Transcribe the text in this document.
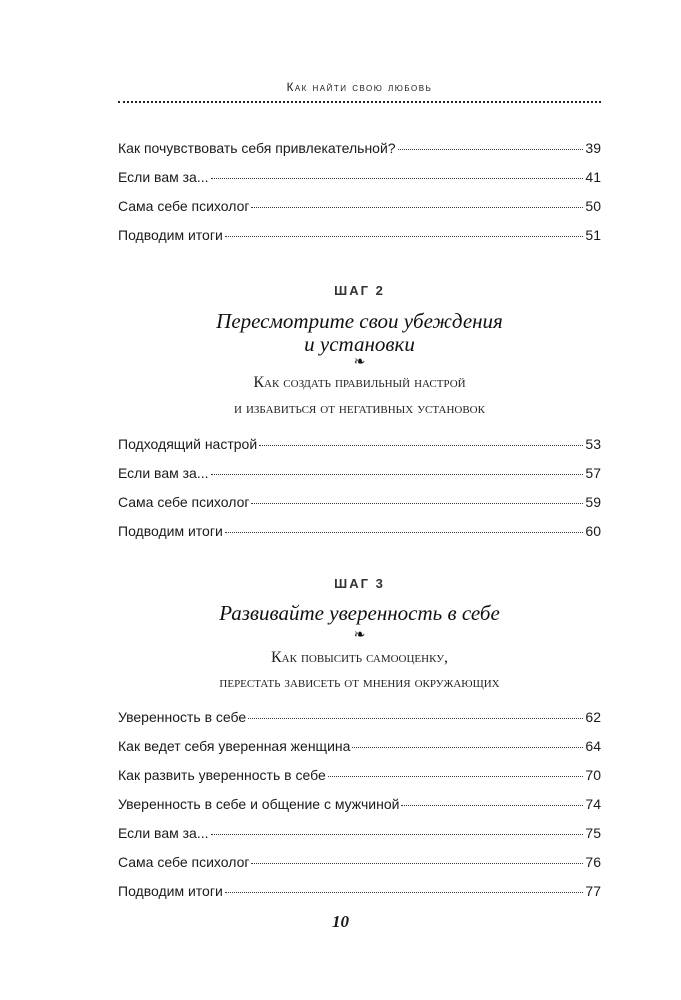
Как найти свою любовь
Как почувствовать себя привлекательной?	39
Если вам за...	41
Сама себе психолог	50
Подводим итоги	51
ШАГ 2
Пересмотрите свои убеждения
и установки
❧
Как создать правильный настрой
и избавиться от негативных установок
Подходящий настрой	53
Если вам за...	57
Сама себе психолог	59
Подводим итоги	60
ШАГ 3
Развивайте уверенность в себе
❧
Как повысить самооценку,
перестать зависеть от мнения окружающих
Уверенность в себе	62
Как ведет себя уверенная женщина	64
Как развить уверенность в себе	70
Уверенность в себе и общение с мужчиной	74
Если вам за...	75
Сама себе психолог	76
Подводим итоги	77
10
